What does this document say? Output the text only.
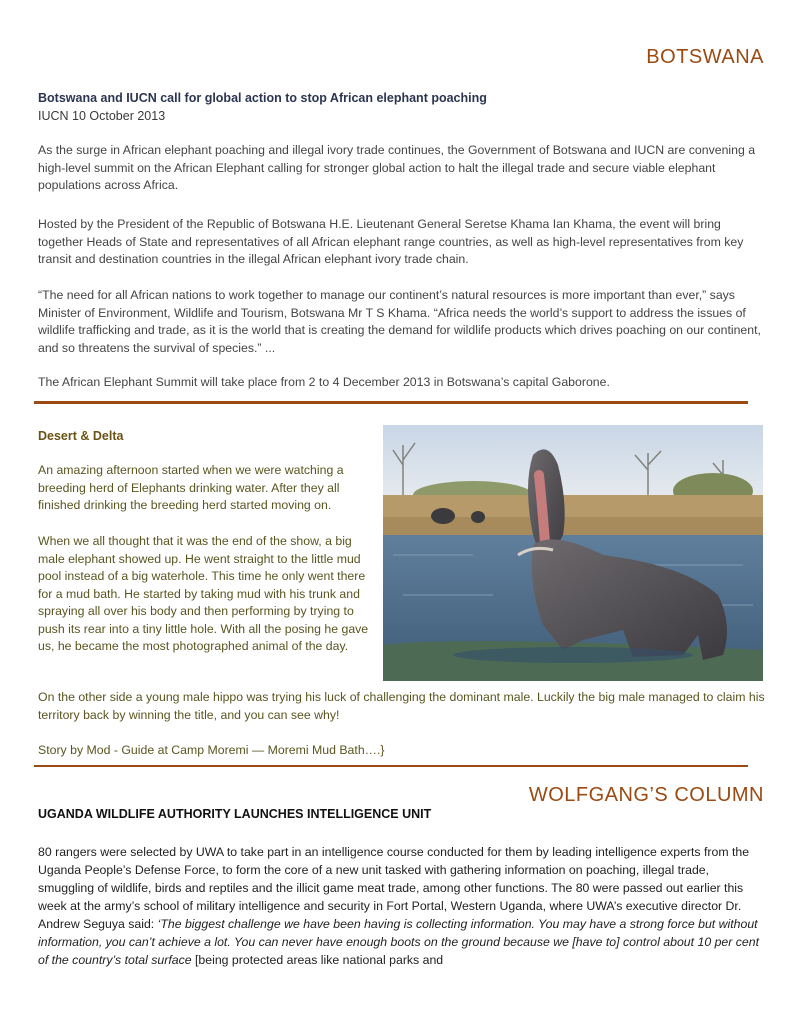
BOTSWANA
Botswana and IUCN call for global action to stop African elephant poaching
IUCN 10 October 2013

As the surge in African elephant poaching and illegal ivory trade continues, the Government of Botswana and IUCN are convening a high-level summit on the African Elephant calling for stronger global action to halt the illegal trade and secure viable elephant populations across Africa.

Hosted by the President of the Republic of Botswana H.E. Lieutenant General Seretse Khama Ian Khama, the event will bring together Heads of State and representatives of all African elephant range countries, as well as high-level representatives from key transit and destination countries in the illegal African elephant ivory trade chain.

“The need for all African nations to work together to manage our continent’s natural resources is more important than ever,” says Minister of Environment, Wildlife and Tourism, Botswana Mr T S Khama. “Africa needs the world’s support to address the issues of wildlife trafficking and trade, as it is the world that is creating the demand for wildlife products which drives poaching on our continent, and so threatens the survival of species.” ...

The African Elephant Summit will take place from 2 to 4 December 2013 in Botswana’s capital Gaborone.

Desert & Delta

An amazing afternoon started when we were watching a breeding herd of Elephants drinking water. After they all finished drinking the breeding herd started moving on.

When we all thought that it was the end of the show, a big male elephant showed up. He went straight to the little mud pool instead of a big waterhole. This time he only went there for a mud bath. He started by taking mud with his trunk and spraying all over his body and then performing by trying to push its rear into a tiny little hole. With all the posing he gave us, he became the most photographed animal of the day.

On the other side a young male hippo was trying his luck of challenging the dominant male. Luckily the big male managed to claim his territory back by winning the title, and you can see why!

Story by Mod - Guide at Camp Moremi — Moremi Mud Bath….}

WOLFGANG’S COLUMN
UGANDA WILDLIFE AUTHORITY LAUNCHES INTELLIGENCE UNIT

80 rangers were selected by UWA to take part in an intelligence course conducted for them by leading intelligence experts from the Uganda People’s Defense Force, to form the core of a new unit tasked with gathering information on poaching, illegal trade, smuggling of wildlife, birds and reptiles and the illicit game meat trade, among other functions. The 80 were passed out earlier this week at the army’s school of military intelligence and security in Fort Portal, Western Uganda, where UWA’s executive director Dr. Andrew Seguya said: ‘The biggest challenge we have been having is collecting information. You may have a strong force but without information, you can’t achieve a lot. You can never have enough boots on the ground because we [have to] control about 10 per cent of the country’s total surface [being protected areas like national parks and
